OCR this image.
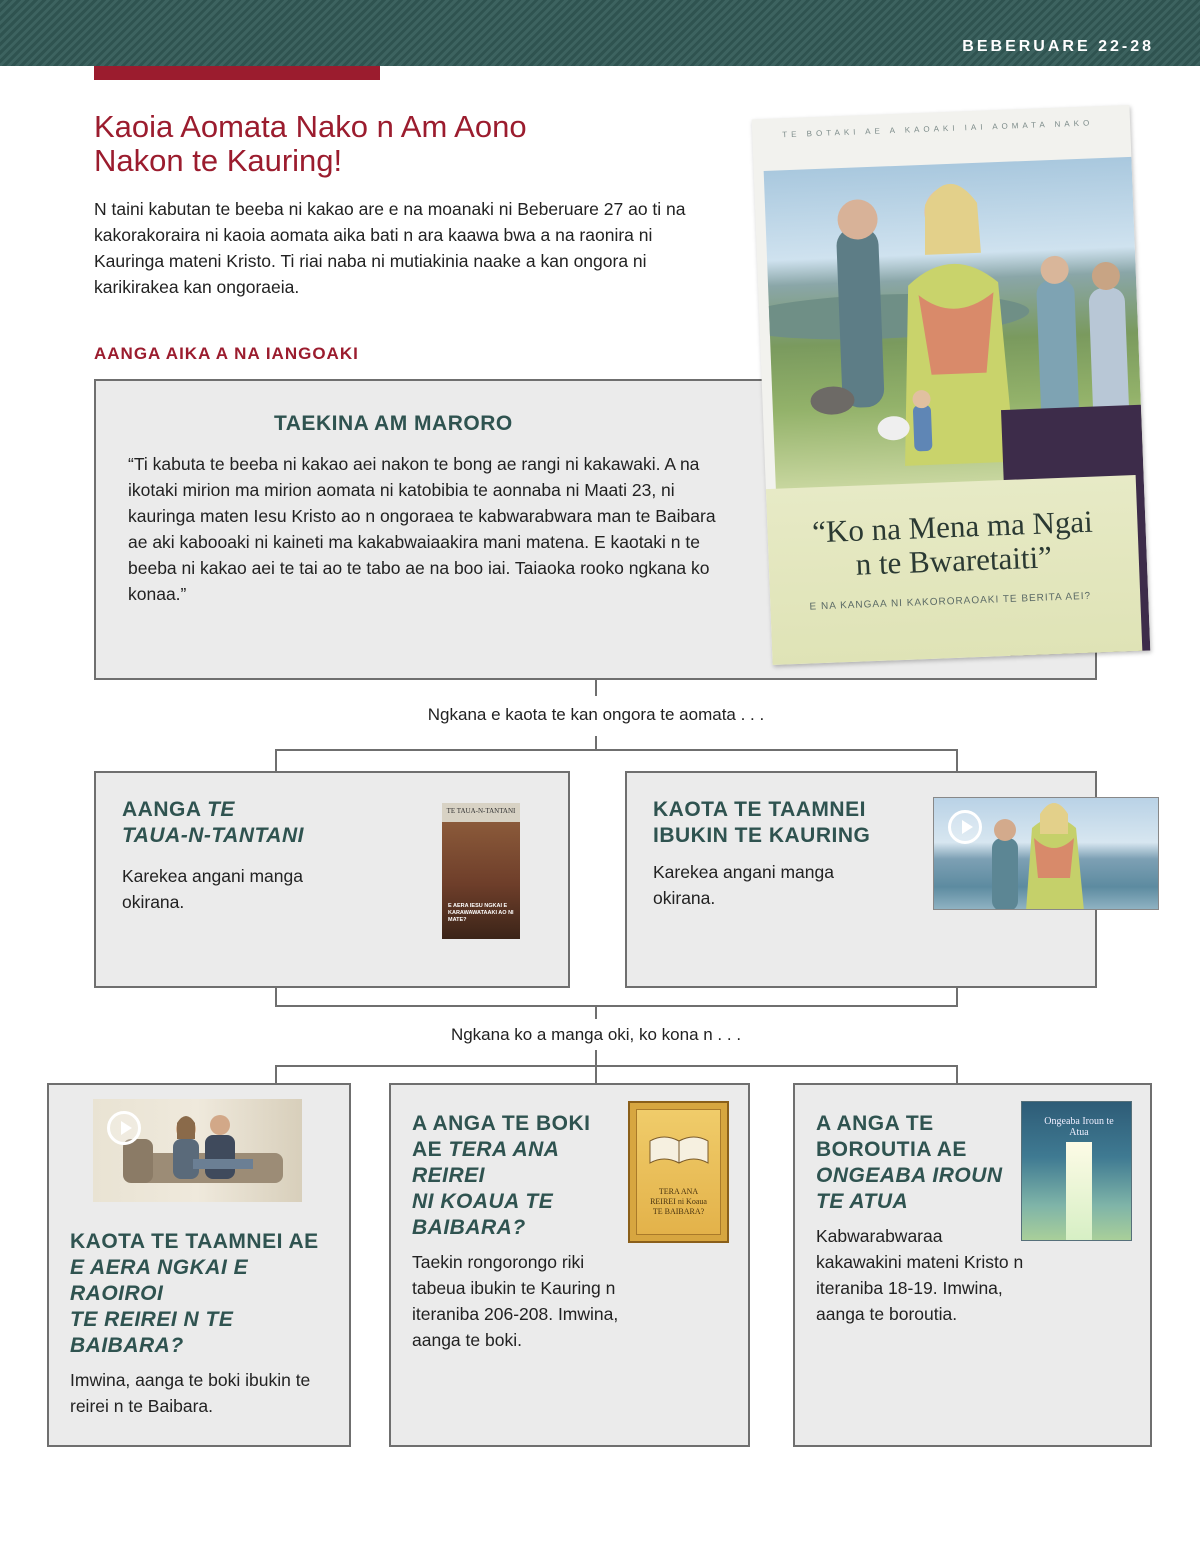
BEBERUARE 22-28
Kaoia Aomata Nako n Am Aono
Nakon te Kauring!

N taini kabutan te beeba ni kakao are e na moanaki ni Beberuare 27 ao ti na kakorakoraira ni kaoia aomata aika bati n ara kaawa bwa a na raonira ni Kauringa mateni Kristo. Ti riai naba ni mutiakinia naake a kan ongora ni karikirakea kan ongoraeia.

AANGA AIKA A NA IANGOAKI
TAEKINA AM MARORO

“Ti kabuta te beeba ni kakao aei nakon te bong ae rangi ni kakawaki. A na ikotaki mirion ma mirion aomata ni katobibia te aonnaba ni Maati 23, ni kauringa maten Iesu Kristo ao n ongoraea te kabwarabwara man te Baibara ae aki kabooaki ni kaineti ma kakabwaiaakira mani matena. E kaotaki n te beeba ni kakao aei te tai ao te tabo ae na boo iai. Taiaoka rooko ngkana ko konaa.”

TE BOTAKI AE A KAOAKI IAI AOMATA NAKO
“Ko na Mena ma Ngai
n te Bwaretaiti”
E NA KANGAA NI KAKORORAOAKI TE BERITA AEI?
Ngkana e kaota te kan ongora te aomata . . .
AANGA TE
TAUA-N-TANTANI

Karekea angani manga okirana.

TE TAUA-N-TANTANI
E AERA IESU NGKAI E KARAWAWATAAKI AO NI MATE?
KAOTA TE TAAMNEI
IBUKIN TE KAURING

Karekea angani manga okirana.

Ngkana ko a manga oki, ko kona n . . .
KAOTA TE TAAMNEI AE
E AERA NGKAI E
RAOIROI
TE REIREI N TE
BAIBARA?

Imwina, aanga te boki ibukin te reirei n te Baibara.

A ANGA TE BOKI
AE TERA ANA
REIREI
NI KOAUA TE
BAIBARA?

Taekin rongorongo riki tabeua ibukin te Kauring n iteraniba 206-208. Imwina, aanga te boki.

TERA ANA
REIREI ni Koaua
TE BAIBARA?
A ANGA TE
BOROUTIA AE
ONGEABA IROUN
TE ATUA

Kabwarabwaraa kakawakini mateni Kristo n iteraniba 18-19. Imwina, aanga te boroutia.

Ongeaba Iroun te Atua
